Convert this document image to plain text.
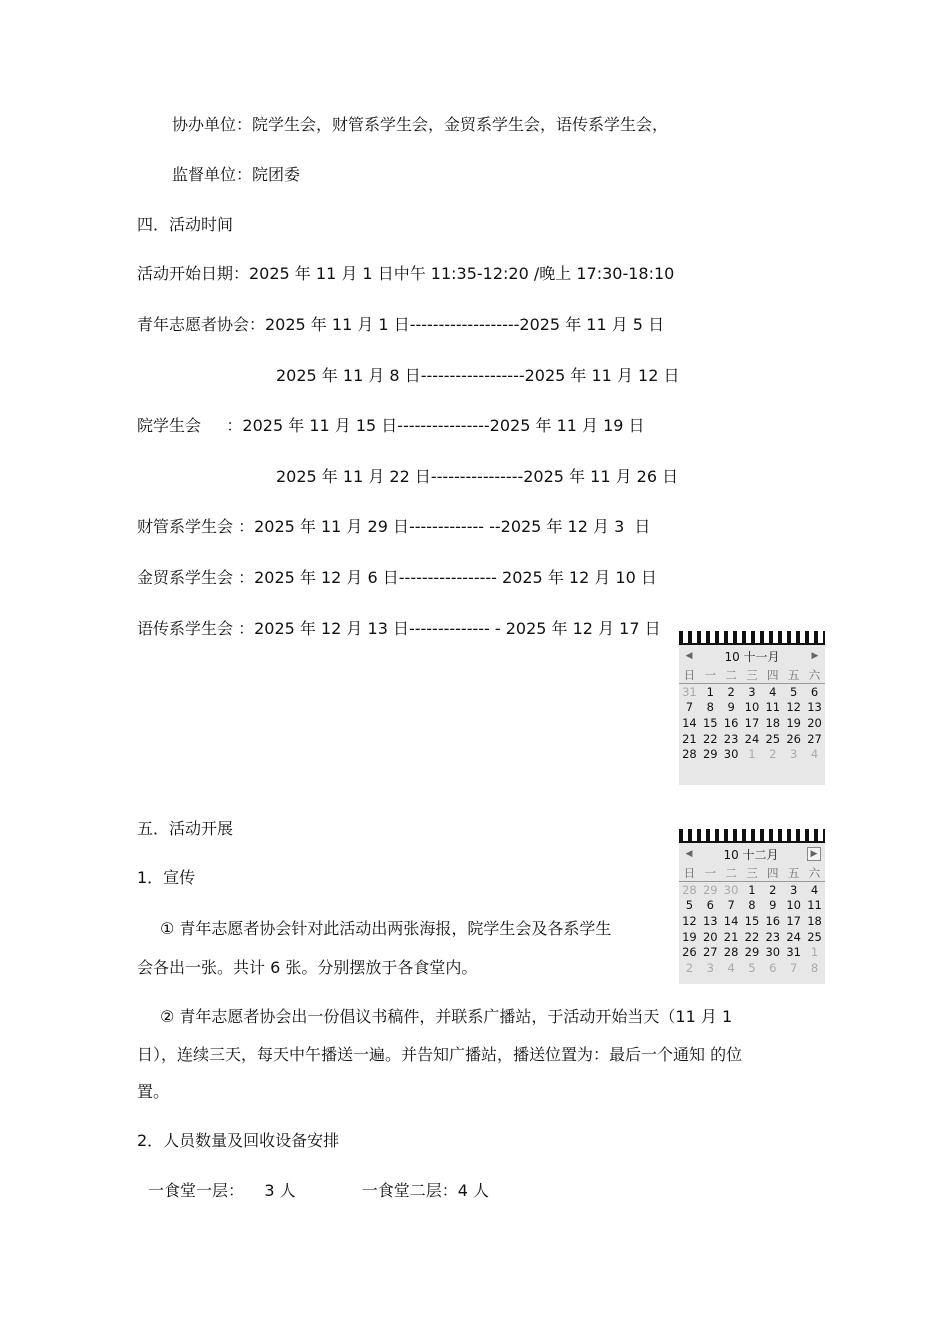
协办单位：院学生会，财管系学生会，金贸系学生会，语传系学生会，
监督单位：院团委
四．活动时间
活动开始日期：2025 年 11 月 1 日中午 11:35-12:20 /晚上 17:30-18:10
青年志愿者协会：2025 年 11 月 1 日-------------------2025 年 11 月 5 日
2025 年 11 月 8 日------------------2025 年 11 月 12 日
院学生会     ：2025 年 11 月 15 日----------------2025 年 11 月 19 日
2025 年 11 月 22 日----------------2025 年 11 月 26 日
财管系学生会 ：2025 年 11 月 29 日------------- --2025 年 12 月 3  日
金贸系学生会 ：2025 年 12 月 6 日----------------- 2025 年 12 月 10 日
语传系学生会 ：2025 年 12 月 13 日-------------- - 2025 年 12 月 17 日
五．活动开展
1．宣传
① 青年志愿者协会针对此活动出两张海报，院学生会及各系学生
会各出一张。共计 6 张。分别摆放于各食堂内。
② 青年志愿者协会出一份倡议书稿件，并联系广播站，于活动开始当天（11 月 1
日），连续三天，每天中午播送一遍。并告知广播站，播送位置为：最后一个通知 的位
置。
2．人员数量及回收设备安排
一食堂一层：    3 人             一食堂二层：4 人
◀	10 十一月	▶
日	一	二	三	四	五	六
31	1	2	3	4	5	6
7	8	9	10	11	12	13
14	15	16	17	18	19	20
21	22	23	24	25	26	27
28	29	30	1	2	3	4
◀	10 十二月	▶
日	一	二	三	四	五	六
28	29	30	1	2	3	4
5	6	7	8	9	10	11
12	13	14	15	16	17	18
19	20	21	22	23	24	25
26	27	28	29	30	31	1
2	3	4	5	6	7	8
